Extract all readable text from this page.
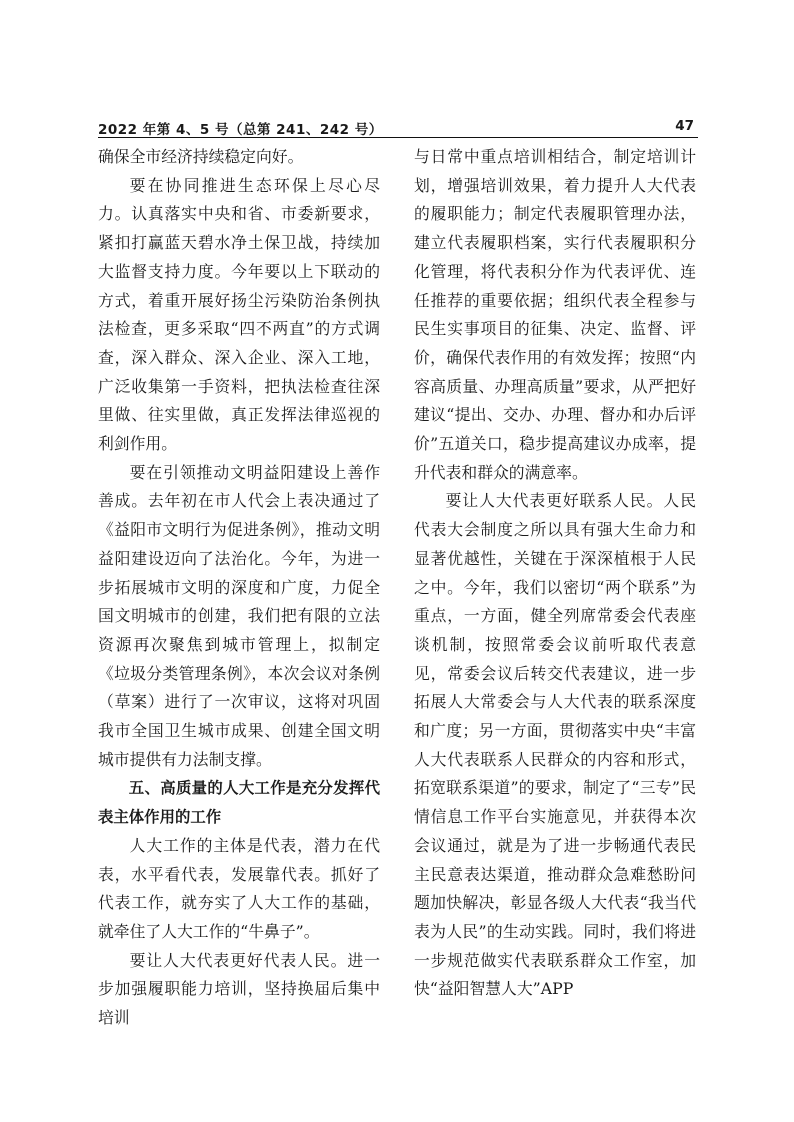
2022 年第 4、5 号（总第 241、242 号）	47

确保全市经济持续稳定向好。

要在协同推进生态环保上尽心尽力。认真落实中央和省、市委新要求，紧扣打赢蓝天碧水净土保卫战，持续加大监督支持力度。今年要以上下联动的方式，着重开展好扬尘污染防治条例执法检查，更多采取“四不两直”的方式调查，深入群众、深入企业、深入工地，广泛收集第一手资料，把执法检查往深里做、往实里做，真正发挥法律巡视的利剑作用。

要在引领推动文明益阳建设上善作善成。去年初在市人代会上表决通过了《益阳市文明行为促进条例》，推动文明益阳建设迈向了法治化。今年，为进一步拓展城市文明的深度和广度，力促全国文明城市的创建，我们把有限的立法资源再次聚焦到城市管理上，拟制定《垃圾分类管理条例》，本次会议对条例（草案）进行了一次审议，这将对巩固我市全国卫生城市成果、创建全国文明城市提供有力法制支撑。

五、高质量的人大工作是充分发挥代表主体作用的工作

人大工作的主体是代表，潜力在代表，水平看代表，发展靠代表。抓好了代表工作，就夯实了人大工作的基础，就牵住了人大工作的“牛鼻子”。

要让人大代表更好代表人民。进一步加强履职能力培训，坚持换届后集中培训

与日常中重点培训相结合，制定培训计划，增强培训效果，着力提升人大代表的履职能力；制定代表履职管理办法，建立代表履职档案，实行代表履职积分化管理，将代表积分作为代表评优、连任推荐的重要依据；组织代表全程参与民生实事项目的征集、决定、监督、评价，确保代表作用的有效发挥；按照“内容高质量、办理高质量”要求，从严把好建议“提出、交办、办理、督办和办后评价”五道关口，稳步提高建议办成率，提升代表和群众的满意率。

要让人大代表更好联系人民。人民代表大会制度之所以具有强大生命力和显著优越性，关键在于深深植根于人民之中。今年，我们以密切“两个联系”为重点，一方面，健全列席常委会代表座谈机制，按照常委会议前听取代表意见，常委会议后转交代表建议，进一步拓展人大常委会与人大代表的联系深度和广度；另一方面，贯彻落实中央“丰富人大代表联系人民群众的内容和形式，拓宽联系渠道”的要求，制定了“三专”民情信息工作平台实施意见，并获得本次会议通过，就是为了进一步畅通代表民主民意表达渠道，推动群众急难愁盼问题加快解决，彰显各级人大代表“我当代表为人民”的生动实践。同时，我们将进一步规范做实代表联系群众工作室，加快“益阳智慧人大”APP
